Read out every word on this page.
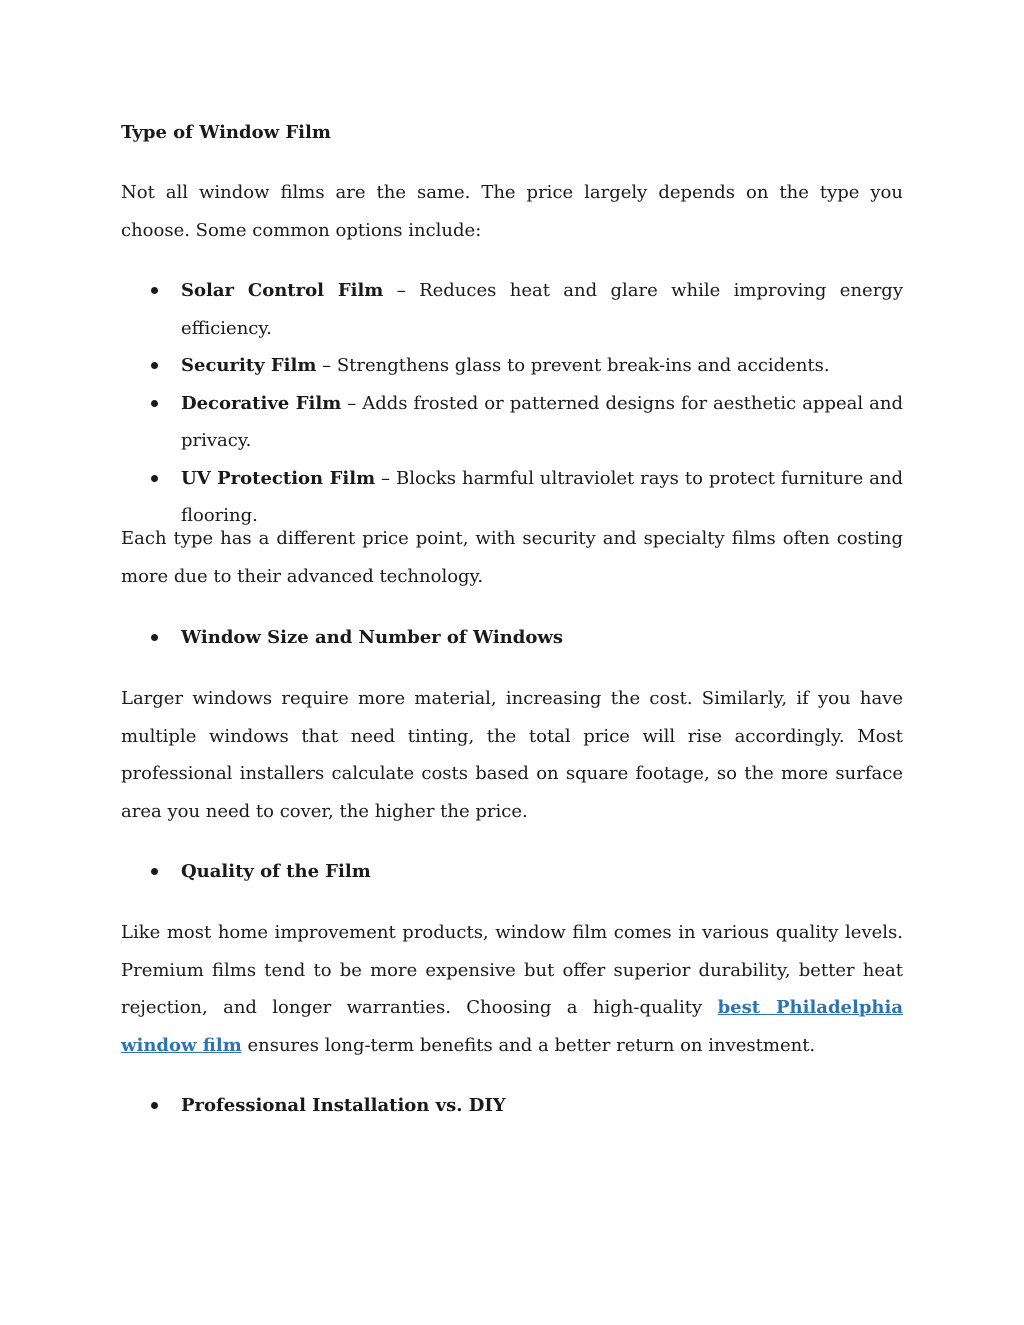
Type of Window Film

Not all window films are the same. The price largely depends on the type you choose. Some common options include:

Solar Control Film – Reduces heat and glare while improving energy efficiency.
Security Film – Strengthens glass to prevent break-ins and accidents.
Decorative Film – Adds frosted or patterned designs for aesthetic appeal and privacy.
UV Protection Film – Blocks harmful ultraviolet rays to protect furniture and flooring.

Each type has a different price point, with security and specialty films often costing more due to their advanced technology.

Window Size and Number of Windows

Larger windows require more material, increasing the cost. Similarly, if you have multiple windows that need tinting, the total price will rise accordingly. Most professional installers calculate costs based on square footage, so the more surface area you need to cover, the higher the price.

Quality of the Film

Like most home improvement products, window film comes in various quality levels. Premium films tend to be more expensive but offer superior durability, better heat rejection, and longer warranties. Choosing a high-quality best Philadelphia window film ensures long-term benefits and a better return on investment.

Professional Installation vs. DIY
